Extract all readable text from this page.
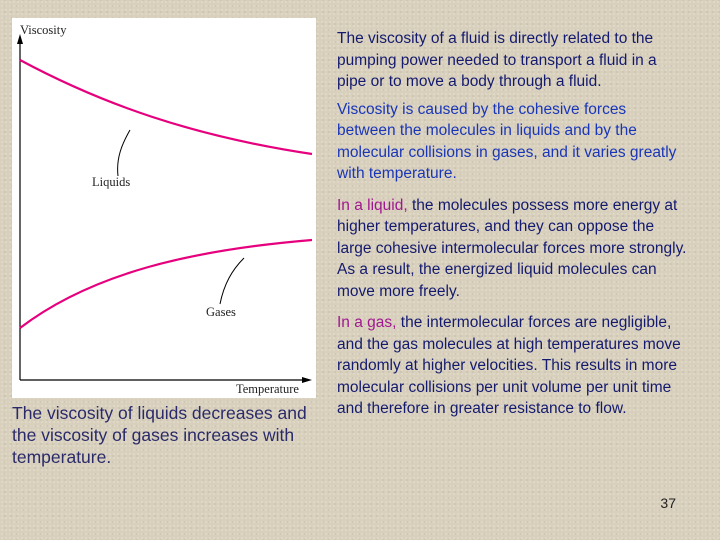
Viscosity
Temperature
Liquids
Gases
The viscosity of liquids decreases and the viscosity of gases increases with temperature.

The viscosity of a fluid is directly related to the pumping power needed to transport a fluid in a pipe or to move a body through a fluid.

Viscosity is caused by the cohesive forces between the molecules in liquids and by the molecular collisions in gases, and it varies greatly with temperature.

In a liquid, the molecules possess more energy at higher temperatures, and they can oppose the large cohesive intermolecular forces more strongly. As a result, the energized liquid molecules can move more freely.

In a gas, the intermolecular forces are negligible, and the gas molecules at high temperatures move randomly at higher velocities. This results in more molecular collisions per unit volume per unit time and therefore in greater resistance to flow.

37
